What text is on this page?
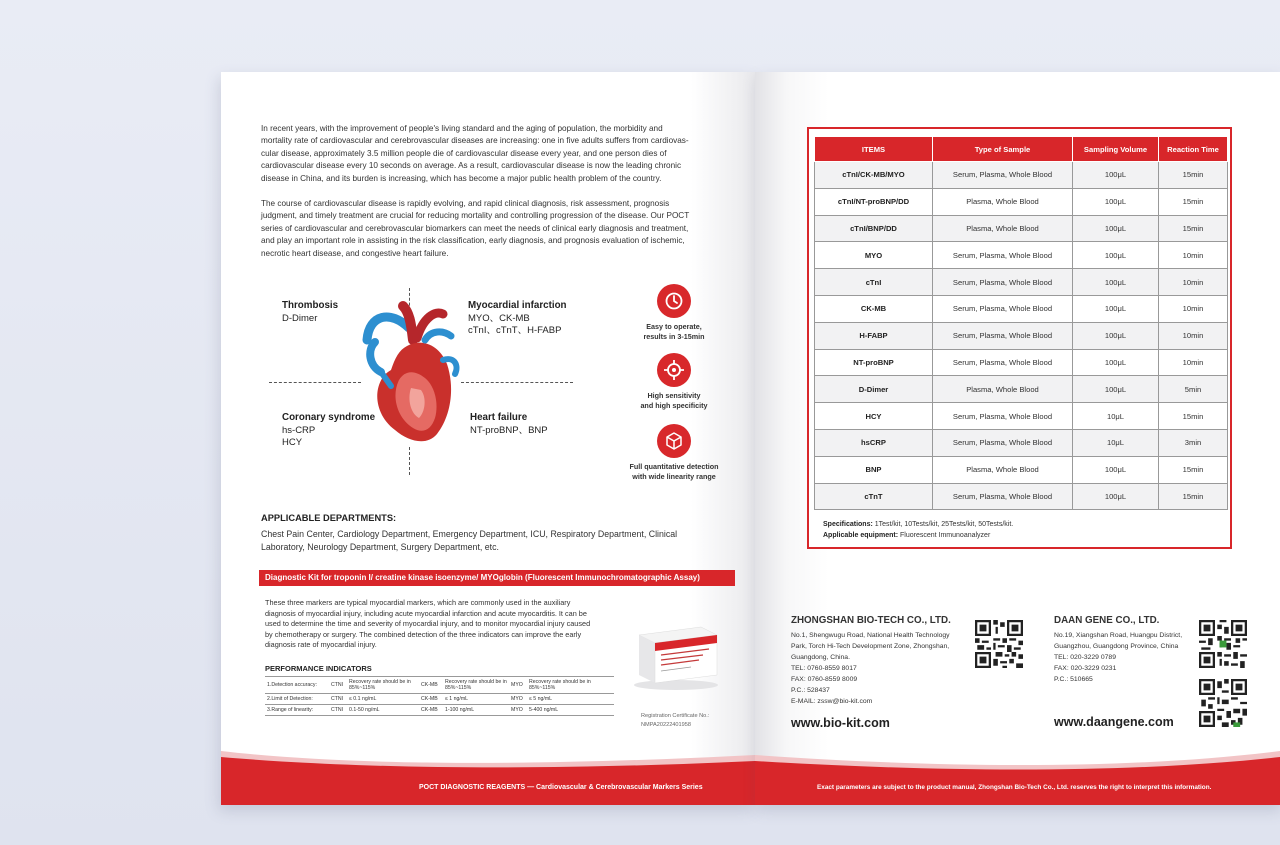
In recent years, with the improvement of people's living standard and the aging of population, the morbidity and
mortality rate of cardiovascular and cerebrovascular diseases are increasing: one in five adults suffers from cardiovas-
cular disease, approximately 3.5 million people die of cardiovascular disease every year, and one person dies of
cardiovascular disease every 10 seconds on average. As a result, cardiovascular disease is now the leading chronic
disease in China, and its burden is increasing, which has become a major public health problem of the country.

The course of cardiovascular disease is rapidly evolving, and rapid clinical diagnosis, risk assessment, prognosis
judgment, and timely treatment are crucial for reducing mortality and controlling progression of the disease. Our POCT
series of cardiovascular and cerebrovascular biomarkers can meet the needs of clinical early diagnosis and treatment,
and play an important role in assisting in the risk classification, early diagnosis, and prognosis evaluation of ischemic,
necrotic heart disease, and congestive heart failure.

Thrombosis
D-Dimer
Myocardial infarction
MYO、CK-MB
cTnI、cTnT、H-FABP
Coronary syndrome
hs-CRP
HCY
Heart failure
NT-proBNP、BNP
Easy to operate,
results in 3-15min
High sensitivity
and high specificity
Full quantitative detection
with wide linearity range
APPLICABLE DEPARTMENTS:
Chest Pain Center, Cardiology Department, Emergency Department, ICU, Respiratory Department, Clinical
Laboratory, Neurology Department, Surgery Department, etc.
Diagnostic Kit for troponin I/ creatine kinase isoenzyme/ MYOglobin (Fluorescent Immunochromatographic Assay)
These three markers are typical myocardial markers, which are commonly used in the auxiliary
diagnosis of myocardial injury, including acute myocardial infarction and acute myocarditis. It can be
used to determine the time and severity of myocardial injury, and to monitor myocardial injury caused
by chemotherapy or surgery. The combined detection of the three indicators can improve the early
diagnosis rate of myocardial injury.
PERFORMANCE INDICATORS
1.Detection accuracy:	CTNI	Recovery rate should be in 85%~115%	CK-MB	Recovery rate should be in 85%~115%	MYO	Recovery rate should be in 85%~115%
2.Limit of Detection:	CTNI	≤ 0.1 ng/mL	CK-MB	≤ 1 ng/mL	MYO	≤ 5 ng/mL
3.Range of linearity:	CTNI	0.1-50 ng/mL	CK-MB	1-100 ng/mL	MYO	5-400 ng/mL
Registration Certificate No.:
NMPA20222401958
POCT DIAGNOSTIC REAGENTS — Cardiovascular & Cerebrovascular Markers Series
ITEMS	Type of Sample	Sampling Volume	Reaction Time
cTnI/CK-MB/MYO	Serum, Plasma, Whole Blood	100μL	15min
cTnI/NT-proBNP/DD	Plasma, Whole Blood	100μL	15min
cTnI/BNP/DD	Plasma, Whole Blood	100μL	15min
MYO	Serum, Plasma, Whole Blood	100μL	10min
cTnI	Serum, Plasma, Whole Blood	100μL	10min
CK-MB	Serum, Plasma, Whole Blood	100μL	10min
H-FABP	Serum, Plasma, Whole Blood	100μL	10min
NT-proBNP	Serum, Plasma, Whole Blood	100μL	10min
D-Dimer	Plasma, Whole Blood	100μL	5min
HCY	Serum, Plasma, Whole Blood	10μL	15min
hsCRP	Serum, Plasma, Whole Blood	10μL	3min
BNP	Plasma, Whole Blood	100μL	15min
cTnT	Serum, Plasma, Whole Blood	100μL	15min
Specifications: 1Test/kit, 10Tests/kit, 25Tests/kit, 50Tests/kit.
Applicable equipment: Fluorescent Immunoanalyzer
ZHONGSHAN BIO-TECH CO., LTD.
No.1, Shengwugu Road, National Health Technology
Park, Torch Hi-Tech Development Zone, Zhongshan,
Guangdong, China.
TEL: 0760-8559 8017
FAX: 0760-8559 8009
P.C.: 528437
E-MAIL: zssw@bio-kit.com
www.bio-kit.com
DAAN GENE CO., LTD.
No.19, Xiangshan Road, Huangpu District,
Guangzhou, Guangdong Province, China
TEL: 020-3229 0789
FAX: 020-3229 0231
P.C.: 510665
www.daangene.com
Exact parameters are subject to the product manual, Zhongshan Bio-Tech Co., Ltd. reserves the right to interpret this information.
